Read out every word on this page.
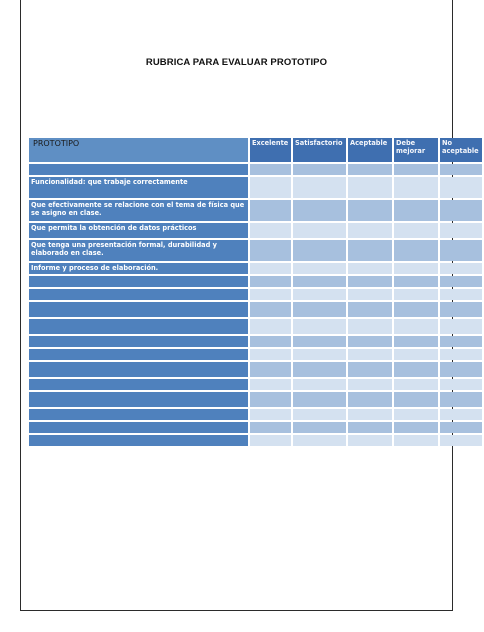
RUBRICA PARA EVALUAR PROTOTIPO
PROTOTIPO	Excelente	Satisfactorio	Aceptable	Debe mejorar	No aceptable

Funcionalidad: que trabaje correctamente					
Que efectivamente se relacione con el tema de física que se asigno en clase.					
Que permita la obtención de datos prácticos					
Que tenga una presentación formal, durabilidad y elaborado en clase.					
Informe y proceso de elaboración.					
